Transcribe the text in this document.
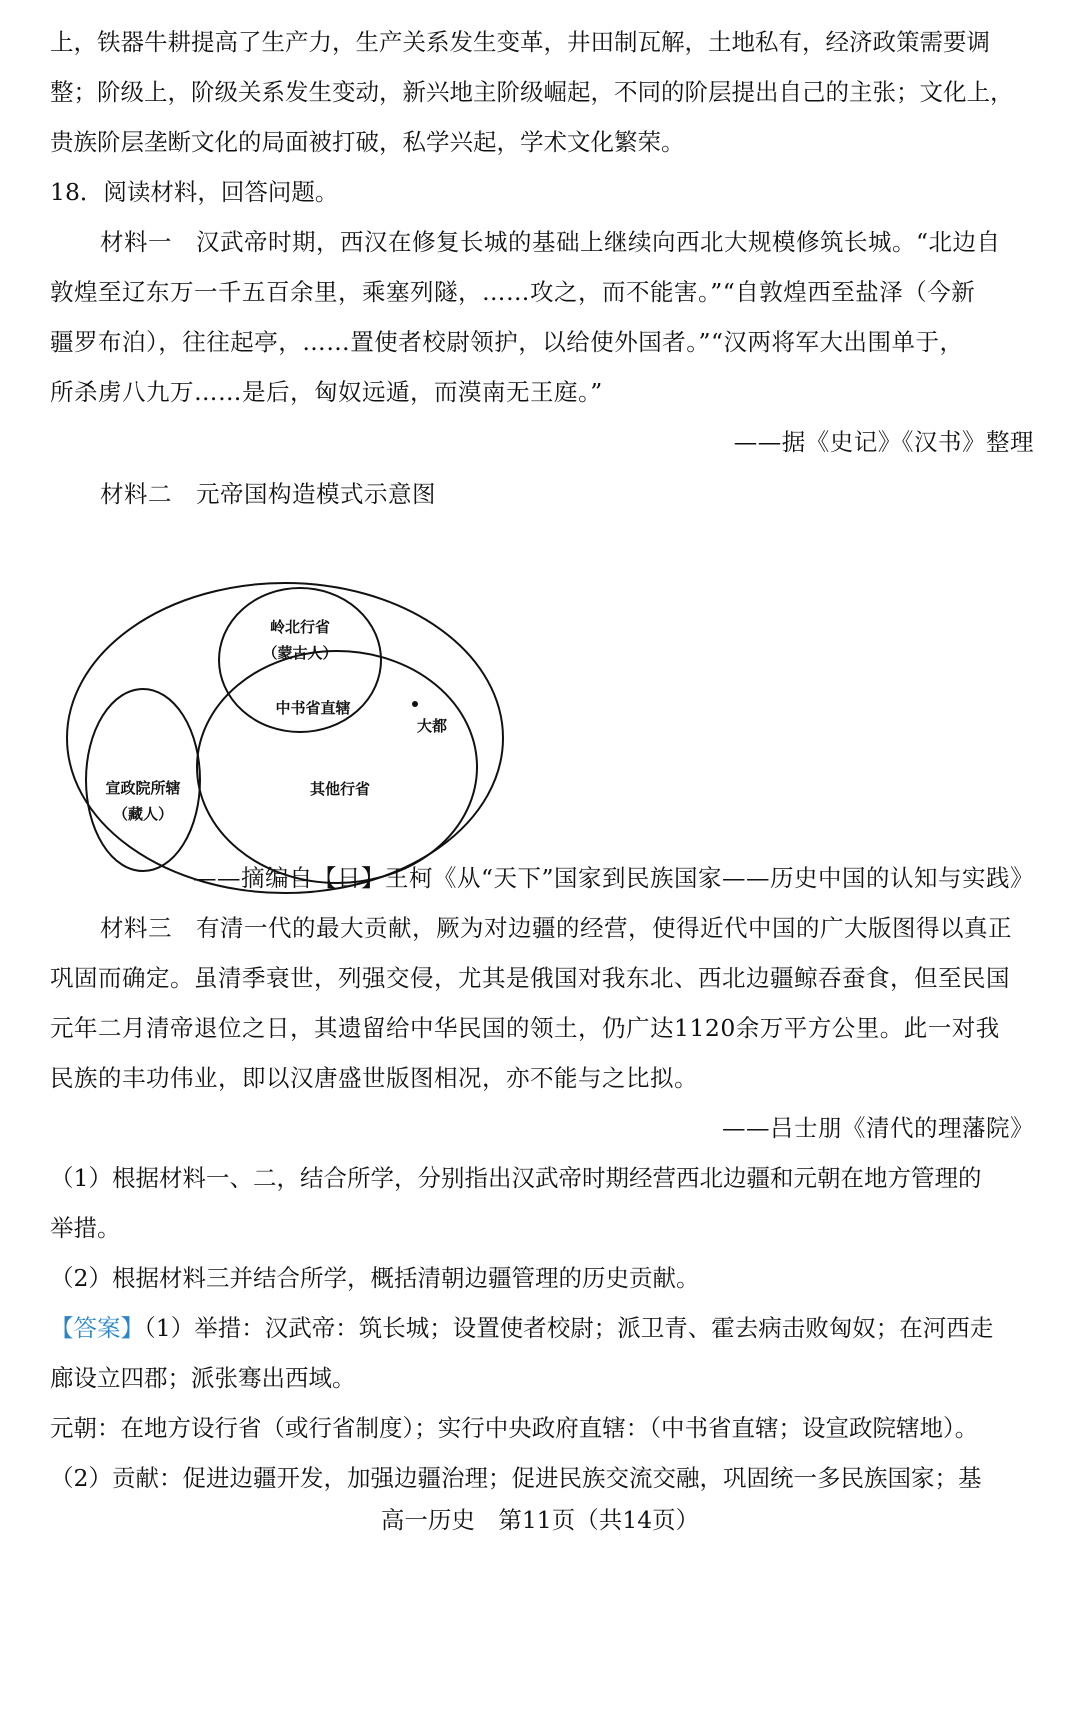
上，铁器牛耕提高了生产力，生产关系发生变革，井田制瓦解，土地私有，经济政策需要调
整；阶级上，阶级关系发生变动，新兴地主阶级崛起，不同的阶层提出自己的主张；文化上，
贵族阶层垄断文化的局面被打破，私学兴起，学术文化繁荣。
18．阅读材料，回答问题。
材料一　汉武帝时期，西汉在修复长城的基础上继续向西北大规模修筑长城。“北边自
敦煌至辽东万一千五百余里，乘塞列隧，……攻之，而不能害。”“自敦煌西至盐泽（今新
疆罗布泊），往往起亭，……置使者校尉领护，以给使外国者。”“汉两将军大出围单于，
所杀虏八九万……是后，匈奴远遁，而漠南无王庭。”
——据《史记》《汉书》整理
材料二　元帝国构造模式示意图
岭北行省
（蒙古人）
中书省直辖
大都
其他行省
宣政院所辖
（藏人）
——摘编自【日】王柯《从“天下”国家到民族国家——历史中国的认知与实践》
材料三　有清一代的最大贡献，厥为对边疆的经营，使得近代中国的广大版图得以真正
巩固而确定。虽清季衰世，列强交侵，尤其是俄国对我东北、西北边疆鲸吞蚕食，但至民国
元年二月清帝退位之日，其遗留给中华民国的领土，仍广达1120余万平方公里。此一对我
民族的丰功伟业，即以汉唐盛世版图相况，亦不能与之比拟。
——吕士朋《清代的理藩院》
（1）根据材料一、二，结合所学，分别指出汉武帝时期经营西北边疆和元朝在地方管理的
举措。
（2）根据材料三并结合所学，概括清朝边疆管理的历史贡献。
【答案】（1）举措：汉武帝：筑长城；设置使者校尉；派卫青、霍去病击败匈奴；在河西走
廊设立四郡；派张骞出西域。
元朝：在地方设行省（或行省制度）；实行中央政府直辖：（中书省直辖；设宣政院辖地）。
（2）贡献：促进边疆开发，加强边疆治理；促进民族交流交融，巩固统一多民族国家；基
高一历史　第11页（共14页）
